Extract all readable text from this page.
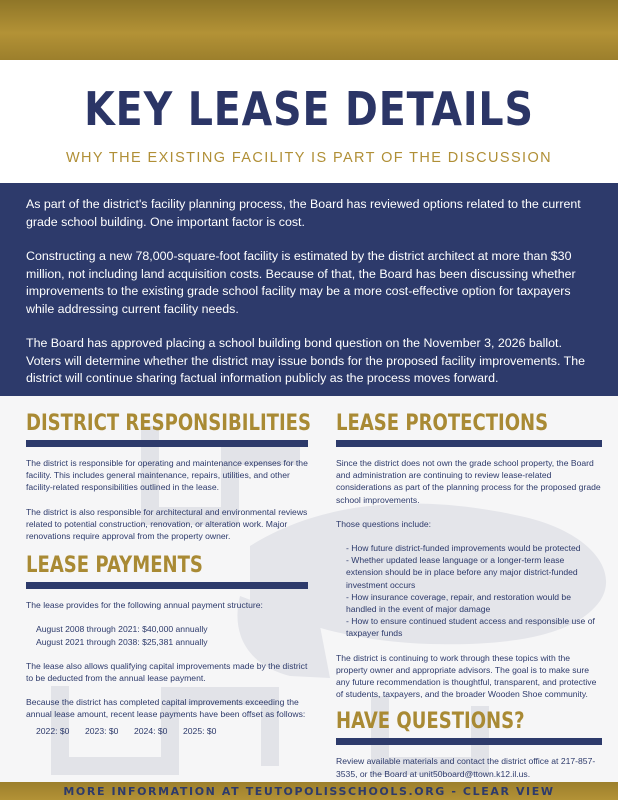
KEY LEASE DETAILS
WHY THE EXISTING FACILITY IS PART OF THE DISCUSSION

As part of the district's facility planning process, the Board has reviewed options related to the current grade school building. One important factor is cost.

Constructing a new 78,000-square-foot facility is estimated by the district architect at more than $30 million, not including land acquisition costs. Because of that, the Board has been discussing whether improvements to the existing grade school facility may be a more cost-effective option for taxpayers while addressing current facility needs.

The Board has approved placing a school building bond question on the November 3, 2026 ballot. Voters will determine whether the district may issue bonds for the proposed facility improvements. The district will continue sharing factual information publicly as the process moves forward.

DISTRICT RESPONSIBILITIES

The district is responsible for operating and maintenance expenses for the facility. This includes general maintenance, repairs, utilities, and other facility-related responsibilities outlined in the lease.

The district is also responsible for architectural and environmental reviews related to potential construction, renovation, or alteration work. Major renovations require approval from the property owner.

LEASE PAYMENTS

The lease provides for the following annual payment structure:

August 2008 through 2021: $40,000 annually
August 2021 through 2038: $25,381 annually

The lease also allows qualifying capital improvements made by the district to be deducted from the annual lease payment.

Because the district has completed capital improvements exceeding the annual lease amount, recent lease payments have been offset as follows:

2022: $0	2023: $0	2024: $0	2025: $0
LEASE PROTECTIONS

Since the district does not own the grade school property, the Board and administration are continuing to review lease-related considerations as part of the planning process for the proposed grade school improvements.

Those questions include:

- How future district-funded improvements would be protected
- Whether updated lease language or a longer-term lease extension should be in place before any major district-funded investment occurs
- How insurance coverage, repair, and restoration would be handled in the event of major damage
- How to ensure continued student access and responsible use of taxpayer funds

The district is continuing to work through these topics with the property owner and appropriate advisors. The goal is to make sure any future recommendation is thoughtful, transparent, and protective of students, taxpayers, and the broader Wooden Shoe community.

HAVE QUESTIONS?

Review available materials and contact the district office at 217-857-3535, or the Board at unit50board@ttown.k12.il.us.

MORE INFORMATION AT TEUTOPOLISSCHOOLS.ORG - CLEAR VIEW
